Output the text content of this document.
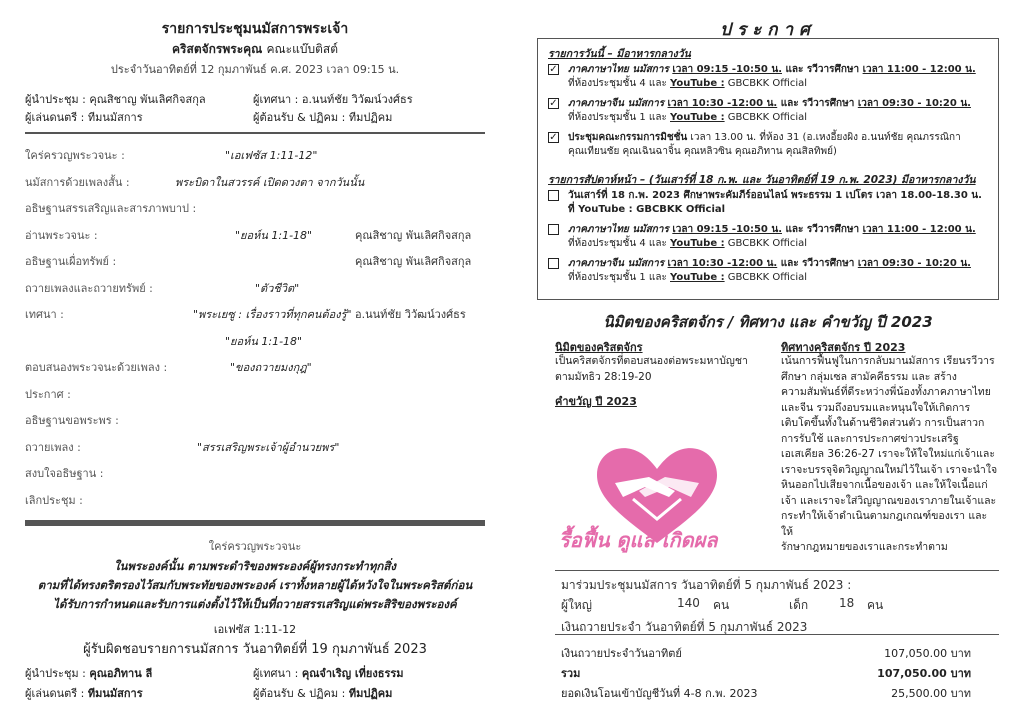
รายการประชุมนมัสการพระเจ้า
คริสตจักรพระคุณ คณะแบ๊บติสต์
ประจำวันอาทิตย์ที่ 12 กุมภาพันธ์ ค.ศ. 2023 เวลา 09:15 น.
ผู้นำประชุม : คุณสิชาญ พันเลิศกิจสกุล	ผู้เทศนา : อ.นนท์ชัย วิวัฒน์วงศ์ธร
ผู้เล่นดนตรี : ทีมนมัสการ	ผู้ต้อนรับ & ปฏิคม : ทีมปฏิคม
ใคร่ครวญพระวจนะ :	"เอเฟซัส 1:11-12"
นมัสการด้วยเพลงสั้น :	พระบิดาในสวรรค์ เปิดดวงตา จากวันนั้น
อธิษฐานสรรเสริญและสารภาพบาป :
อ่านพระวจนะ :	"ยอห์น 1:1-18"	คุณสิชาญ พันเลิศกิจสกุล
อธิษฐานเผื่อทรัพย์ :	คุณสิชาญ พันเลิศกิจสกุล
ถวายเพลงและถวายทรัพย์ :	"ตัวชีวิต"
เทศนา :	"พระเยซู : เรื่องราวที่ทุกคนต้องรู้" อ.นนท์ชัย วิวัฒน์วงศ์ธร
"ยอห์น 1:1-18"
ตอบสนองพระวจนะด้วยเพลง :	"ของถวายมงกุฎ"
ประกาศ :
อธิษฐานขอพระพร :
ถวายเพลง :	"สรรเสริญพระเจ้าผู้อำนวยพร"
สงบใจอธิษฐาน :
เลิกประชุม :
ใคร่ครวญพระวจนะ
ในพระองค์นั้น ตามพระดำริของพระองค์ผู้ทรงกระทำทุกสิ่ง
ตามที่ได้ทรงตริตรองไว้สมกับพระทัยของพระองค์ เราทั้งหลายผู้ได้หวังใจในพระคริสต์ก่อน
ได้รับการกำหนดและรับการแต่งตั้งไว้ให้เป็นที่ถวายสรรเสริญแด่พระสิริของพระองค์
เอเฟซัส 1:11-12
ผู้รับผิดชอบรายการนมัสการ วันอาทิตย์ที่ 19 กุมภาพันธ์ 2023
ผู้นำประชุม : คุณอภิทาน ลี	ผู้เทศนา : คุณจำเริญ เที่ยงธรรม
ผู้เล่นดนตรี : ทีมนมัสการ	ผู้ต้อนรับ & ปฏิคม : ทีมปฏิคม
ประกาศ
รายการวันนี้ – มีอาหารกลางวัน
✓ ภาคภาษาไทย นมัสการ เวลา 09:15 -10:50 น. และ รวีวารศึกษา เวลา 11:00 - 12:00 น.
ที่ห้องประชุมชั้น 4 และ YouTube : GBCBKK Official
✓ ภาคภาษาจีน นมัสการ เวลา 10:30 -12:00 น. และ รวีวารศึกษา เวลา 09:30 - 10:20 น.
ที่ห้องประชุมชั้น 1 และ YouTube : GBCBKK Official
✓ ประชุมคณะกรรมการมิชชั่น เวลา 13.00 น. ที่ห้อง 31 (อ.เหงอี้ยงผิง อ.นนท์ชัย คุณภรรณิกา
คุณเทียนชัย คุณเฉินฉาจิ้น คุณหลิวซิน คุณอภิทาน คุณสิลทิพย์)
รายการสัปดาห์หน้า – (วันเสาร์ที่ 18 ก.พ. และ วันอาทิตย์ที่ 19 ก.พ. 2023) มีอาหารกลางวัน
วันเสาร์ที่ 18 ก.พ. 2023 ศึกษาพระคัมภีร์ออนไลน์ พระธรรม 1 เปโตร เวลา 18.00-18.30 น.
ที่ YouTube : GBCBKK Official
ภาคภาษาไทย นมัสการ เวลา 09:15 -10:50 น. และ รวีวารศึกษา เวลา 11:00 - 12:00 น.
ที่ห้องประชุมชั้น 4 และ YouTube : GBCBKK Official
ภาคภาษาจีน นมัสการ เวลา 10:30 -12:00 น. และ รวีวารศึกษา เวลา 09:30 - 10:20 น.
ที่ห้องประชุมชั้น 1 และ YouTube : GBCBKK Official
นิมิตของคริสตจักร / ทิศทาง และ คำขวัญ ปี 2023
นิมิตของคริสตจักร
เป็นคริสตจักรที่ตอบสนองต่อพระมหาบัญชา
ตามมัทธิว 28:19-20
คำขวัญ ปี 2023
รื้อฟื้น ดูแล เกิดผล
ทิศทางคริสตจักร ปี 2023
เน้นการฟื้นฟูในการกลับมานมัสการ เรียนรวีวาร
ศึกษา กลุ่มเซล สามัคคีธรรม และ สร้าง
ความสัมพันธ์ที่ดีระหว่างพี่น้องทั้งภาคภาษาไทย
และจีน รวมถึงอบรมและหนุนใจให้เกิดการ
เติบโตขึ้นทั้งในด้านชีวิตส่วนตัว การเป็นสาวก
การรับใช้ และการประกาศข่าวประเสริฐ
เอเสเคียล 36:26-27 เราจะให้ใจใหม่แก่เจ้าและ
เราจะบรรจุจิตวิญญาณใหม่ไว้ในเจ้า เราจะนำใจ
หินออกไปเสียจากเนื้อของเจ้า และให้ใจเนื้อแก่
เจ้า และเราจะใส่วิญญาณของเราภายในเจ้าและ
กระทำให้เจ้าดำเนินตามกฎเกณฑ์ของเรา และให้
รักษากฎหมายของเราและกระทำตาม
มาร่วมประชุมนมัสการ วันอาทิตย์ที่ 5 กุมภาพันธ์ 2023 :
ผู้ใหญ่	140 คน	เด็ก	18 คน
เงินถวายประจำ วันอาทิตย์ที่ 5 กุมภาพันธ์ 2023
เงินถวายประจำวันอาทิตย์	107,050.00 บาท
รวม	107,050.00 บาท
ยอดเงินโอนเข้าบัญชีวันที่ 4-8 ก.พ. 2023	25,500.00 บาท
